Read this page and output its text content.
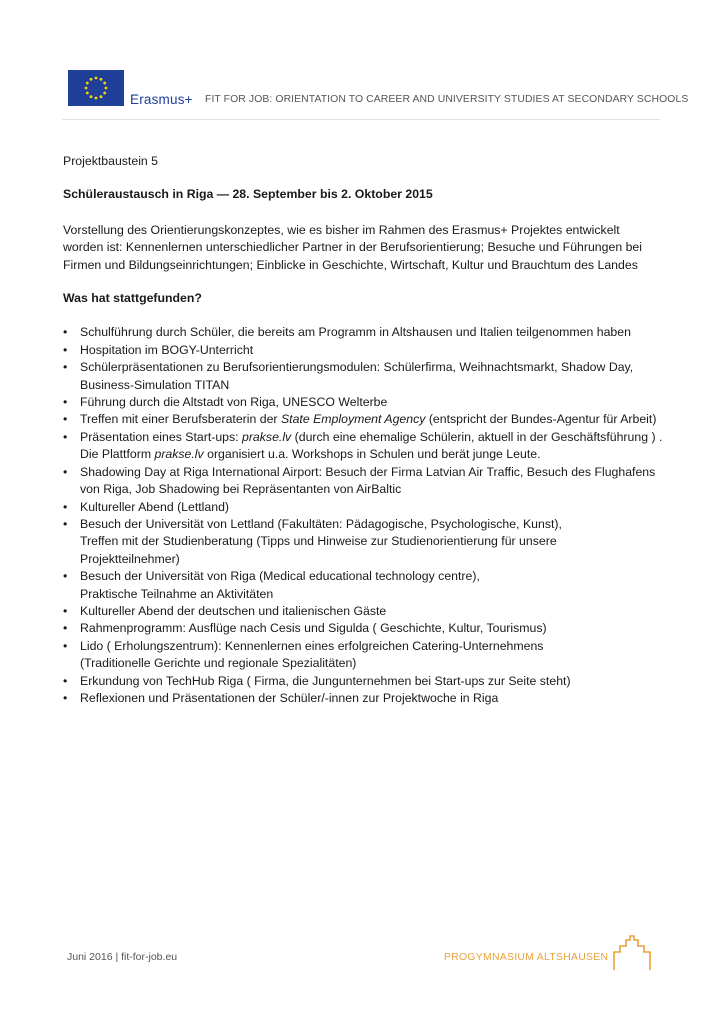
Erasmus+ FIT FOR JOB: ORIENTATION TO CAREER AND UNIVERSITY STUDIES AT SECONDARY SCHOOLS

Projektbaustein 5

Schüleraustausch in Riga — 28. September bis 2. Oktober 2015

Vorstellung des Orientierungskonzeptes, wie es bisher im Rahmen des Erasmus+ Projektes entwickelt worden ist: Kennenlernen unterschiedlicher Partner in der Berufsorientierung; Besuche und Führungen bei Firmen und Bildungseinrichtungen; Einblicke in Geschichte, Wirtschaft, Kultur und Brauchtum des Landes

Was hat stattgefunden?

• Schulführung durch Schüler, die bereits am Programm in Altshausen und Italien teilgenommen haben
• Hospitation im BOGY-Unterricht
• Schülerpräsentationen zu Berufsorientierungsmodulen: Schülerfirma, Weihnachtsmarkt, Shadow Day, Business-Simulation TITAN
• Führung durch die Altstadt von Riga, UNESCO Welterbe
• Treffen mit einer Berufsberaterin der State Employment Agency (entspricht der Bundes-Agentur für Arbeit)
• Präsentation eines Start-ups: prakse.lv (durch eine ehemalige Schülerin, aktuell in der Geschäftsführung ) . Die Plattform prakse.lv organisiert u.a. Workshops in Schulen und berät junge Leute.
• Shadowing Day at Riga International Airport: Besuch der Firma Latvian Air Traffic, Besuch des Flughafens von Riga, Job Shadowing bei Repräsentanten von AirBaltic
• Kultureller Abend (Lettland)
• Besuch der Universität von Lettland (Fakultäten: Pädagogische, Psychologische, Kunst),
Treffen mit der Studienberatung (Tipps und Hinweise zur Studienorientierung für unsere
Projektteilnehmer)
• Besuch der Universität von Riga (Medical educational technology centre),
Praktische Teilnahme an Aktivitäten
• Kultureller Abend der deutschen und italienischen Gäste
• Rahmenprogramm: Ausflüge nach Cesis und Sigulda ( Geschichte, Kultur, Tourismus)
• Lido ( Erholungszentrum): Kennenlernen eines erfolgreichen Catering-Unternehmens
(Traditionelle Gerichte und regionale Spezialitäten)
• Erkundung von TechHub Riga ( Firma, die Jungunternehmen bei Start-ups zur Seite steht)
• Reflexionen und Präsentationen der Schüler/-innen zur Projektwoche in Riga
Juni 2016 | fit-for-job.eu	PROGYMNASIUM ALTSHAUSEN
